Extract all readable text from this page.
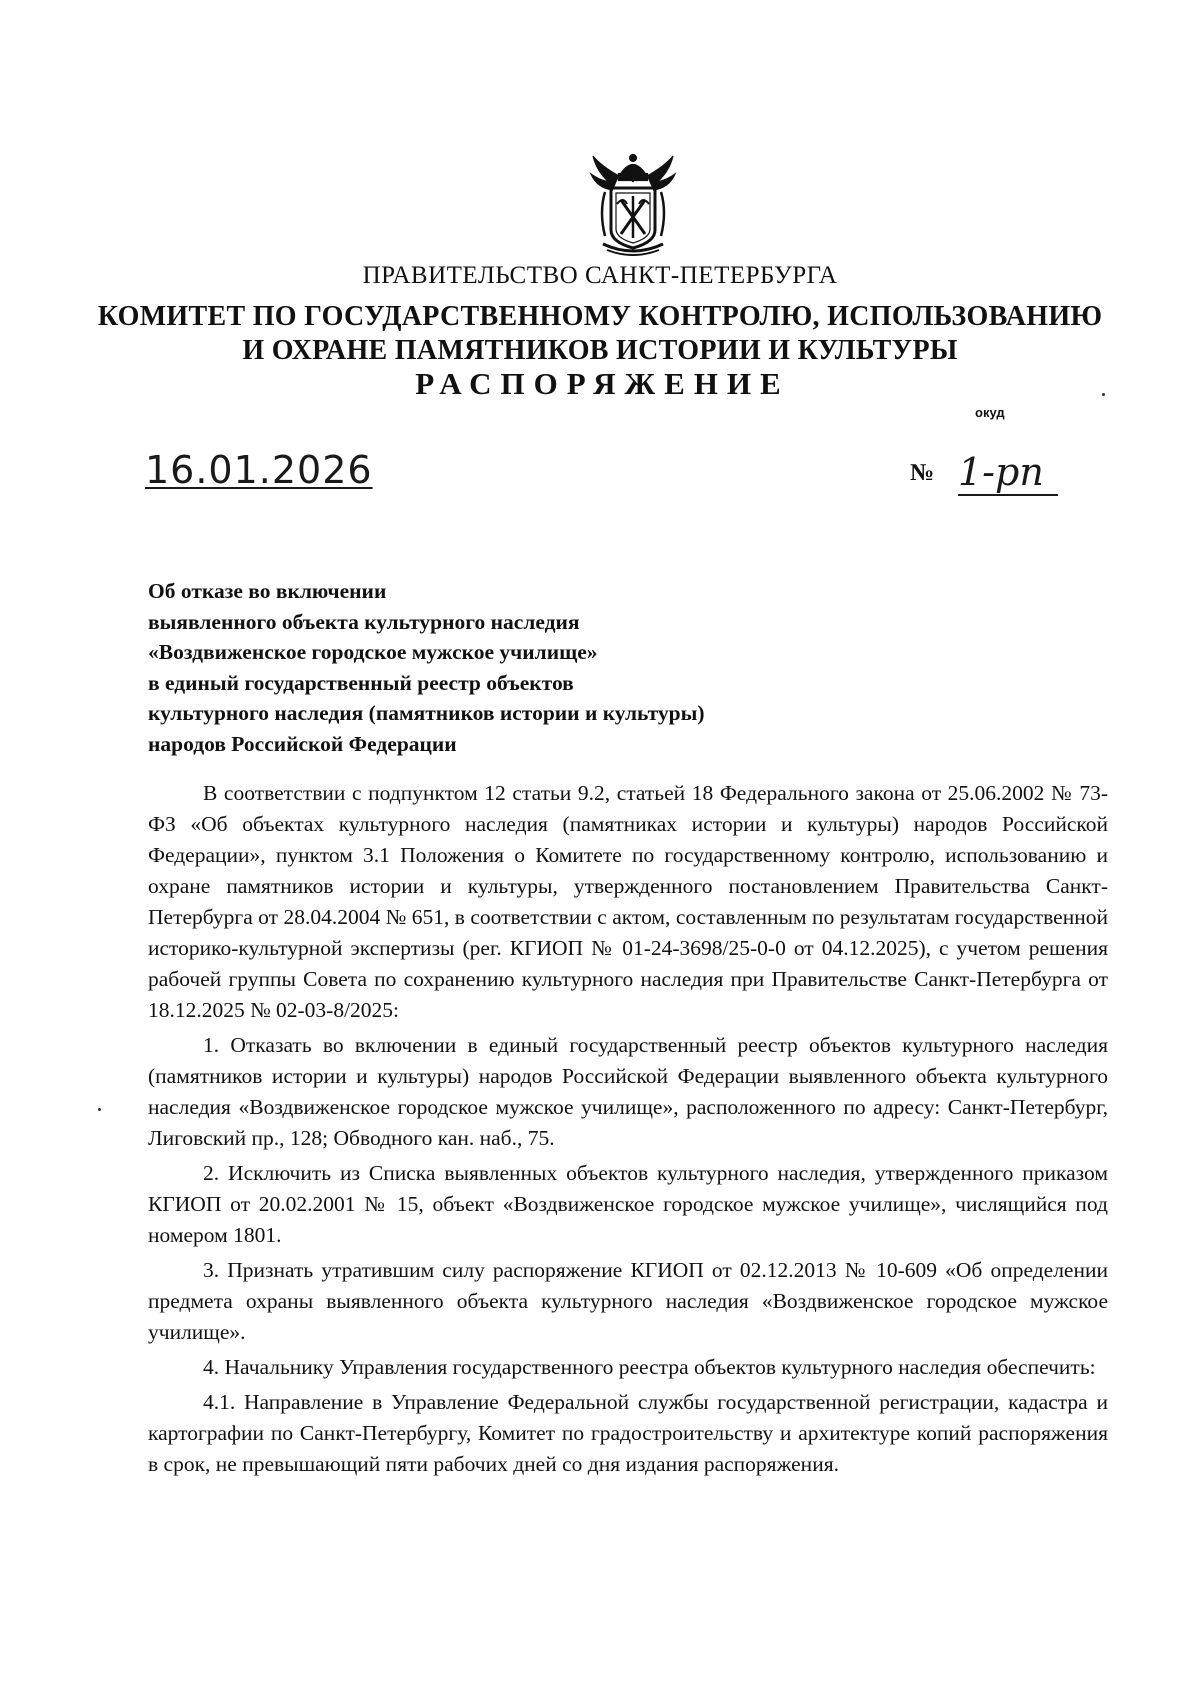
ПРАВИТЕЛЬСТВО САНКТ-ПЕТЕРБУРГА
КОМИТЕТ ПО ГОСУДАРСТВЕННОМУ КОНТРОЛЮ, ИСПОЛЬЗОВАНИЮ
И ОХРАНЕ ПАМЯТНИКОВ ИСТОРИИ И КУЛЬТУРЫ
РАСПОРЯЖЕНИЕ
окуд
16.01.2026	№ 1-рп
Об отказе во включении
выявленного объекта культурного наследия
«Воздвиженское городское мужское училище»
в единый государственный реестр объектов
культурного наследия (памятников истории и культуры)
народов Российской Федерации

В соответствии с подпунктом 12 статьи 9.2, статьей 18 Федерального закона от 25.06.2002 № 73-ФЗ «Об объектах культурного наследия (памятниках истории и культуры) народов Российской Федерации», пунктом 3.1 Положения о Комитете по государственному контролю, использованию и охране памятников истории и культуры, утвержденного постановлением Правительства Санкт-Петербурга от 28.04.2004 № 651, в соответствии с актом, составленным по результатам государственной историко-культурной экспертизы (рег. КГИОП № 01-24-3698/25-0-0 от 04.12.2025), с учетом решения рабочей группы Совета по сохранению культурного наследия при Правительстве Санкт-Петербурга от 18.12.2025 № 02-03-8/2025:

1. Отказать во включении в единый государственный реестр объектов культурного наследия (памятников истории и культуры) народов Российской Федерации выявленного объекта культурного наследия «Воздвиженское городское мужское училище», расположенного по адресу: Санкт-Петербург, Лиговский пр., 128; Обводного кан. наб., 75.

2. Исключить из Списка выявленных объектов культурного наследия, утвержденного приказом КГИОП от 20.02.2001 № 15, объект «Воздвиженское городское мужское училище», числящийся под номером 1801.

3. Признать утратившим силу распоряжение КГИОП от 02.12.2013 № 10-609 «Об определении предмета охраны выявленного объекта культурного наследия «Воздвиженское городское мужское училище».

4. Начальнику Управления государственного реестра объектов культурного наследия обеспечить:

4.1. Направление в Управление Федеральной службы государственной регистрации, кадастра и картографии по Санкт-Петербургу, Комитет по градостроительству и архитектуре копий распоряжения в срок, не превышающий пяти рабочих дней со дня издания распоряжения.
